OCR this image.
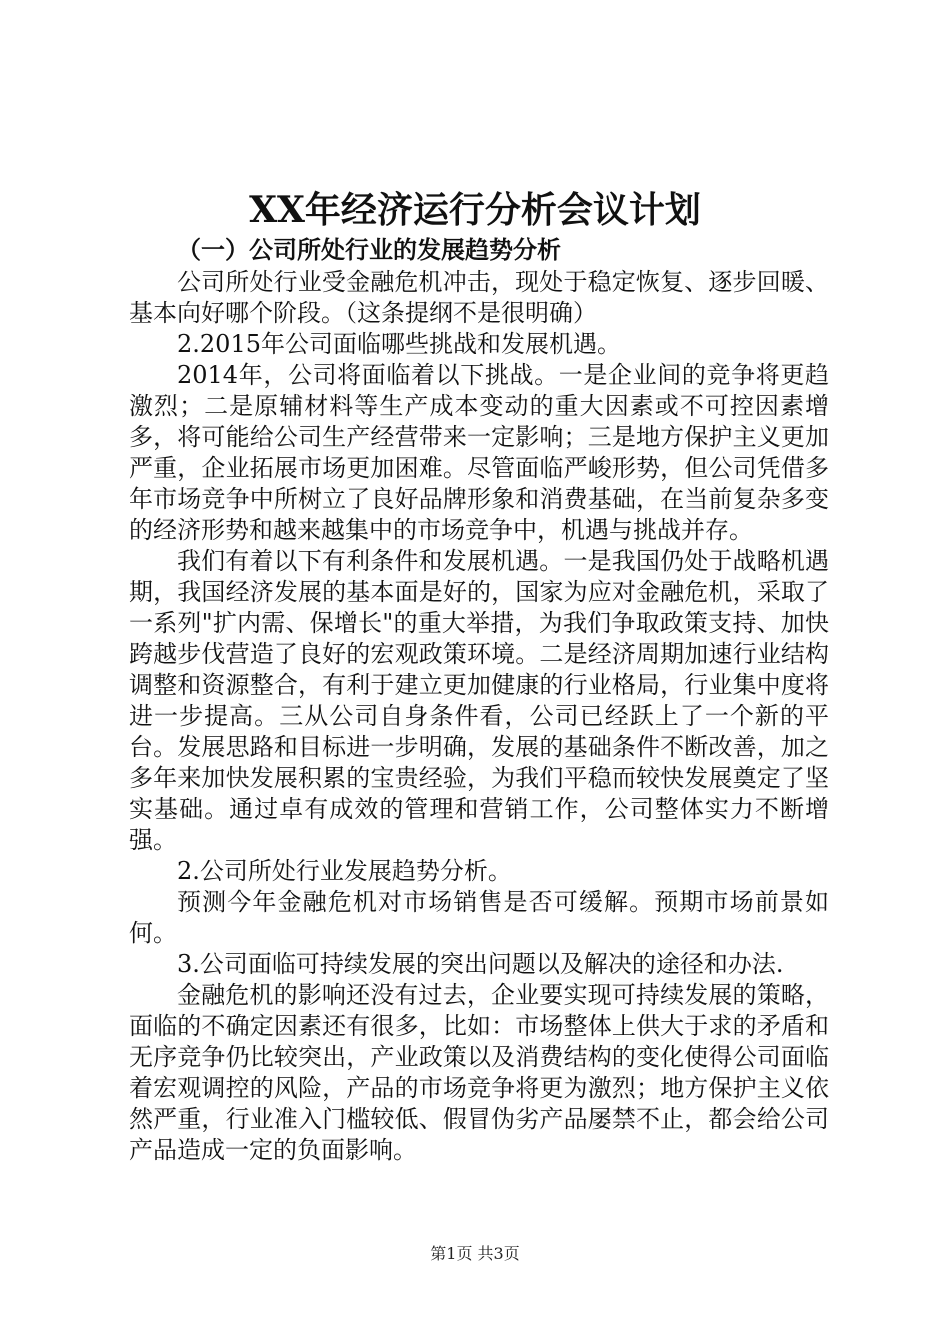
XX年经济运行分析会议计划

（一）公司所处行业的发展趋势分析

公司所处行业受金融危机冲击，现处于稳定恢复、逐步回暖、基本向好哪个阶段。（这条提纲不是很明确）

2.2015年公司面临哪些挑战和发展机遇。

2014年，公司将面临着以下挑战。一是企业间的竞争将更趋激烈；二是原辅材料等生产成本变动的重大因素或不可控因素增多，将可能给公司生产经营带来一定影响；三是地方保护主义更加严重，企业拓展市场更加困难。尽管面临严峻形势，但公司凭借多年市场竞争中所树立了良好品牌形象和消费基础，在当前复杂多变的经济形势和越来越集中的市场竞争中，机遇与挑战并存。

我们有着以下有利条件和发展机遇。一是我国仍处于战略机遇期，我国经济发展的基本面是好的，国家为应对金融危机，采取了一系列"扩内需、保增长"的重大举措，为我们争取政策支持、加快跨越步伐营造了良好的宏观政策环境。二是经济周期加速行业结构调整和资源整合，有利于建立更加健康的行业格局，行业集中度将进一步提高。三从公司自身条件看，公司已经跃上了一个新的平台。发展思路和目标进一步明确，发展的基础条件不断改善，加之多年来加快发展积累的宝贵经验，为我们平稳而较快发展奠定了坚实基础。通过卓有成效的管理和营销工作，公司整体实力不断增强。

2.公司所处行业发展趋势分析。

预测今年金融危机对市场销售是否可缓解。预期市场前景如何。

3.公司面临可持续发展的突出问题以及解决的途径和办法.

金融危机的影响还没有过去，企业要实现可持续发展的策略，面临的不确定因素还有很多，比如：市场整体上供大于求的矛盾和无序竞争仍比较突出，产业政策以及消费结构的变化使得公司面临着宏观调控的风险，产品的市场竞争将更为激烈；地方保护主义依然严重，行业准入门槛较低、假冒伪劣产品屡禁不止，都会给公司产品造成一定的负面影响。

第1页 共3页
